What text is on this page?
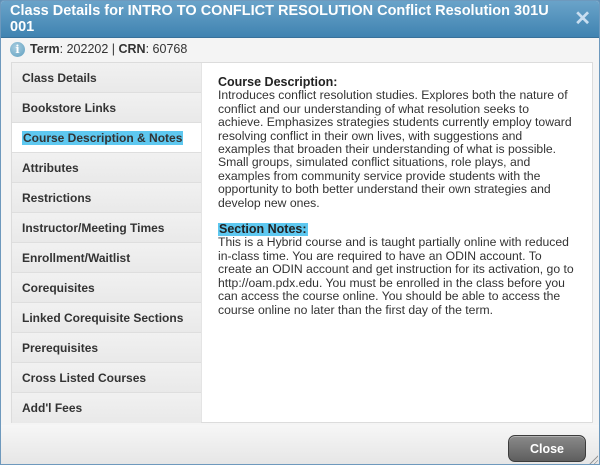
Class Details for INTRO TO CONFLICT RESOLUTION Conflict Resolution 301U 001	✕
i Term : 202202 | CRN : 60768
Class Details
Bookstore Links
Course Description & Notes
Attributes
Restrictions
Instructor/Meeting Times
Enrollment/Waitlist
Corequisites
Linked Corequisite Sections
Prerequisites
Cross Listed Courses
Add'l Fees
Course Description:
Introduces conflict resolution studies. Explores both the nature of conflict and our understanding of what resolution seeks to achieve. Emphasizes strategies students currently employ toward resolving conflict in their own lives, with suggestions and examples that broaden their understanding of what is possible. Small groups, simulated conflict situations, role plays, and examples from community service provide students with the opportunity to both better understand their own strategies and develop new ones.
Section Notes:
This is a Hybrid course and is taught partially online with reduced in-class time. You are required to have an ODIN account. To create an ODIN account and get instruction for its activation, go to http://oam.pdx.edu. You must be enrolled in the class before you can access the course online. You should be able to access the course online no later than the first day of the term.
Close
